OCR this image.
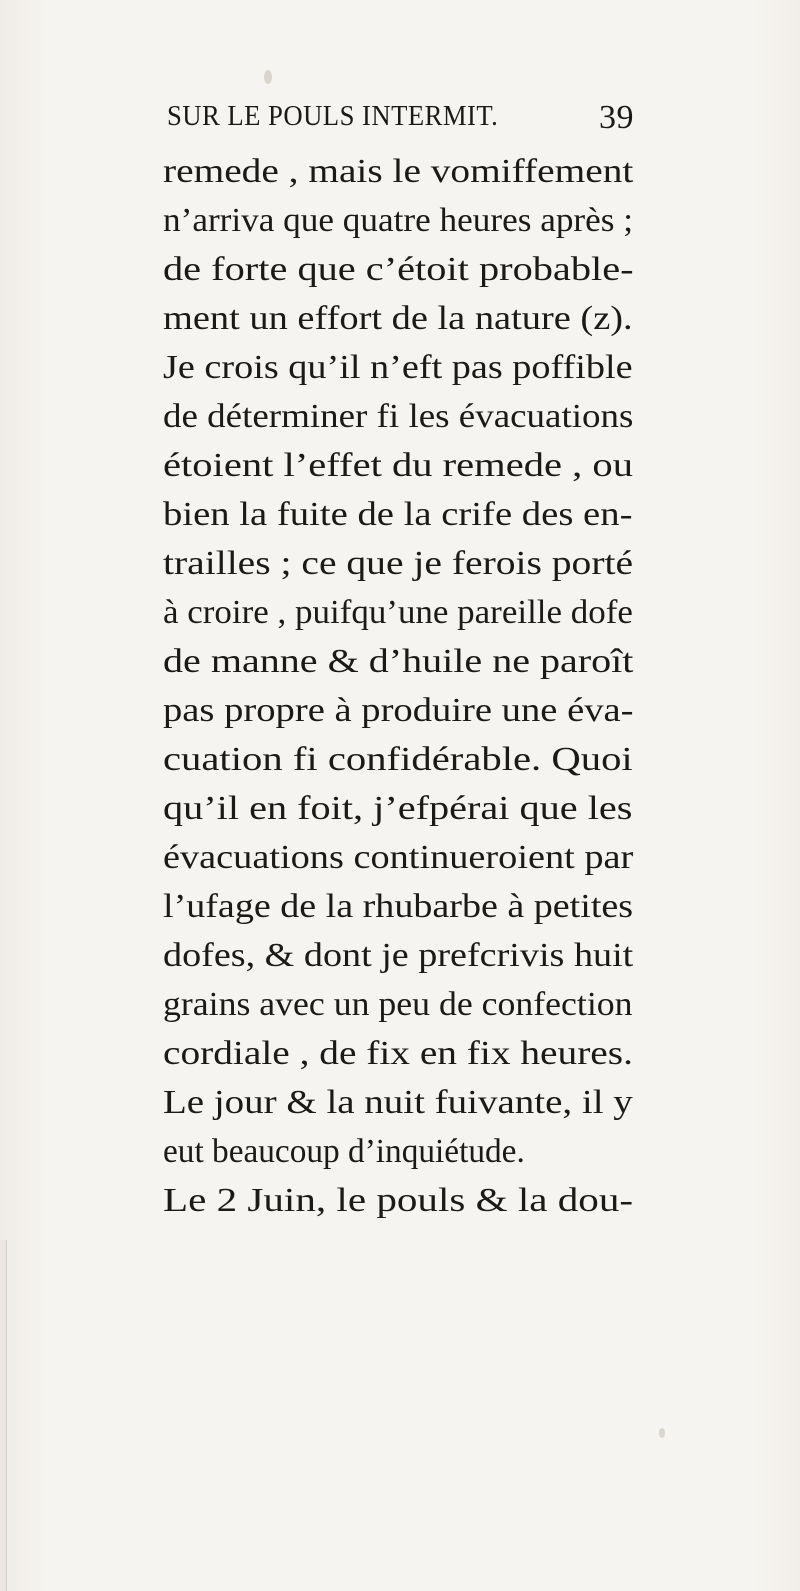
SUR LE POULS INTERMIT.	39
remede , mais le vomiffement
n’arriva que quatre heures après ;
de forte que c’étoit probable-
ment un effort de la nature (z).
Je crois qu’il n’eft pas poffible
de déterminer fi les évacuations
étoient l’effet du remede , ou
bien la fuite de la crife des en-
trailles ; ce que je ferois porté
à croire , puifqu’une pareille dofe
de manne & d’huile ne paroît
pas propre à produire une éva-
cuation fi confidérable. Quoi
qu’il en foit, j’efpérai que les
évacuations continueroient par
l’ufage de la rhubarbe à petites
dofes, & dont je prefcrivis huit
grains avec un peu de confection
cordiale , de fix en fix heures.
Le jour & la nuit fuivante, il y
eut beaucoup d’inquiétude.
Le 2 Juin, le pouls & la dou-
